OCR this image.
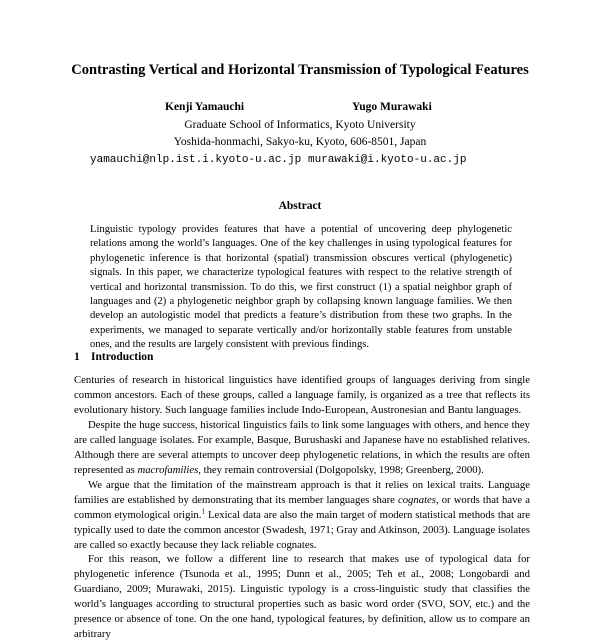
Contrasting Vertical and Horizontal Transmission of Typological Features
Kenji Yamauchi	Yugo Murawaki
Graduate School of Informatics, Kyoto University
Yoshida-honmachi, Sakyo-ku, Kyoto, 606-8501, Japan
yamauchi@nlp.ist.i.kyoto-u.ac.jp murawaki@i.kyoto-u.ac.jp
Abstract
Linguistic typology provides features that have a potential of uncovering deep phylogenetic relations among the world’s languages. One of the key challenges in using typological features for phylogenetic inference is that horizontal (spatial) transmission obscures vertical (phylogenetic) signals. In this paper, we characterize typological features with respect to the relative strength of vertical and horizontal transmission. To do this, we first construct (1) a spatial neighbor graph of languages and (2) a phylogenetic neighbor graph by collapsing known language families. We then develop an autologistic model that predicts a feature’s distribution from these two graphs. In the experiments, we managed to separate vertically and/or horizontally stable features from unstable ones, and the results are largely consistent with previous findings.
1 Introduction
Centuries of research in historical linguistics have identified groups of languages deriving from single common ancestors. Each of these groups, called a language family, is organized as a tree that reflects its evolutionary history. Such language families include Indo-European, Austronesian and Bantu languages.
Despite the huge success, historical linguistics fails to link some languages with others, and hence they are called language isolates. For example, Basque, Burushaski and Japanese have no established relatives. Although there are several attempts to uncover deep phylogenetic relations, in which the results are often represented as macrofamilies, they remain controversial (Dolgopolsky, 1998; Greenberg, 2000).
We argue that the limitation of the mainstream approach is that it relies on lexical traits. Language families are established by demonstrating that its member languages share cognates, or words that have a common etymological origin.$^1$ Lexical data are also the main target of modern statistical methods that are typically used to date the common ancestor (Swadesh, 1971; Gray and Atkinson, 2003). Language isolates are called so exactly because they lack reliable cognates.
For this reason, we follow a different line to research that makes use of typological data for phylogenetic inference (Tsunoda et al., 1995; Dunn et al., 2005; Teh et al., 2008; Longobardi and Guardiano, 2009; Murawaki, 2015). Linguistic typology is a cross-linguistic study that classifies the world’s languages according to structural properties such as basic word order (SVO, SOV, etc.) and the presence or absence of tone. On the one hand, typological features, by definition, allow us to compare an arbitrary
